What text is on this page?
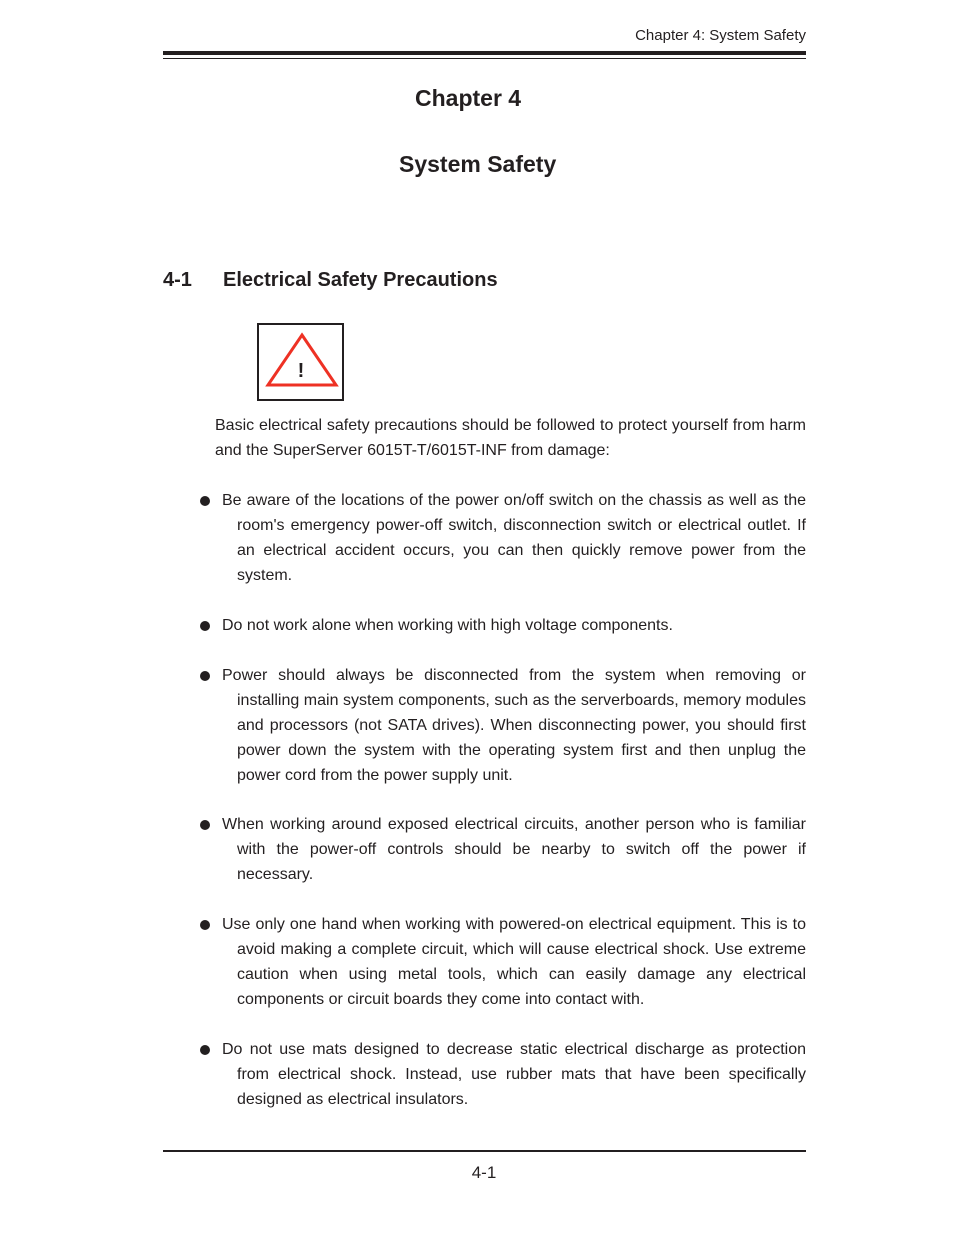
Chapter 4: System Safety
Chapter 4
System Safety
4-1 Electrical Safety Precautions
!

Basic electrical safety precautions should be followed to protect yourself from harm and the SuperServer 6015T-T/6015T-INF from damage:

Be aware of the locations of the power on/off switch on the chassis as well as the room's emergency power-off switch, disconnection switch or electrical outlet. If an electrical accident occurs, you can then quickly remove power from the system.
Do not work alone when working with high voltage components.
Power should always be disconnected from the system when removing or installing main system components, such as the serverboards, memory modules and processors (not SATA drives). When disconnecting power, you should first power down the system with the operating system first and then unplug the power cord from the power supply unit.
When working around exposed electrical circuits, another person who is familiar with the power-off controls should be nearby to switch off the power if necessary.
Use only one hand when working with powered-on electrical equipment. This is to avoid making a complete circuit, which will cause electrical shock. Use extreme caution when using metal tools, which can easily damage any electrical components or circuit boards they come into contact with.
Do not use mats designed to decrease static electrical discharge as protection from electrical shock. Instead, use rubber mats that have been specifically designed as electrical insulators.
4-1
